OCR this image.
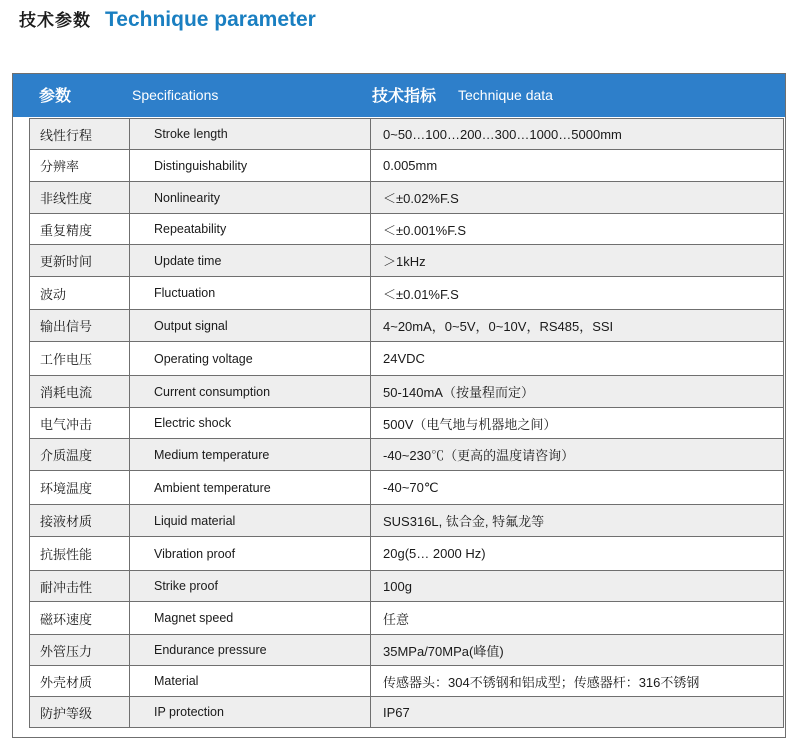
技术参数 Technique parameter
参数	Specifications	技术指标 Technique data
线性行程	Stroke length	0~50…100…200…300…1000…5000mm
分辨率	Distinguishability	0.005mm
非线性度	Nonlinearity	＜±0.02%F.S
重复精度	Repeatability	＜±0.001%F.S
更新时间	Update time	＞1kHz
波动	Fluctuation	＜±0.01%F.S
输出信号	Output signal	4~20mA，0~5V，0~10V，RS485，SSI
工作电压	Operating voltage	24VDC
消耗电流	Current consumption	50-140mA（按量程而定）
电气冲击	Electric shock	500V（电气地与机器地之间）
介质温度	Medium temperature	-40~230℃（更高的温度请咨询）
环境温度	Ambient temperature	-40~70℃
接液材质	Liquid material	SUS316L, 钛合金, 特氟龙等
抗振性能	Vibration proof	20g(5… 2000 Hz)
耐冲击性	Strike proof	100g
磁环速度	Magnet speed	任意
外管压力	Endurance pressure	35MPa/70MPa(峰值)
外壳材质	Material	传感器头：304不锈钢和铝成型；传感器杆：316不锈钢
防护等级	IP protection	IP67
